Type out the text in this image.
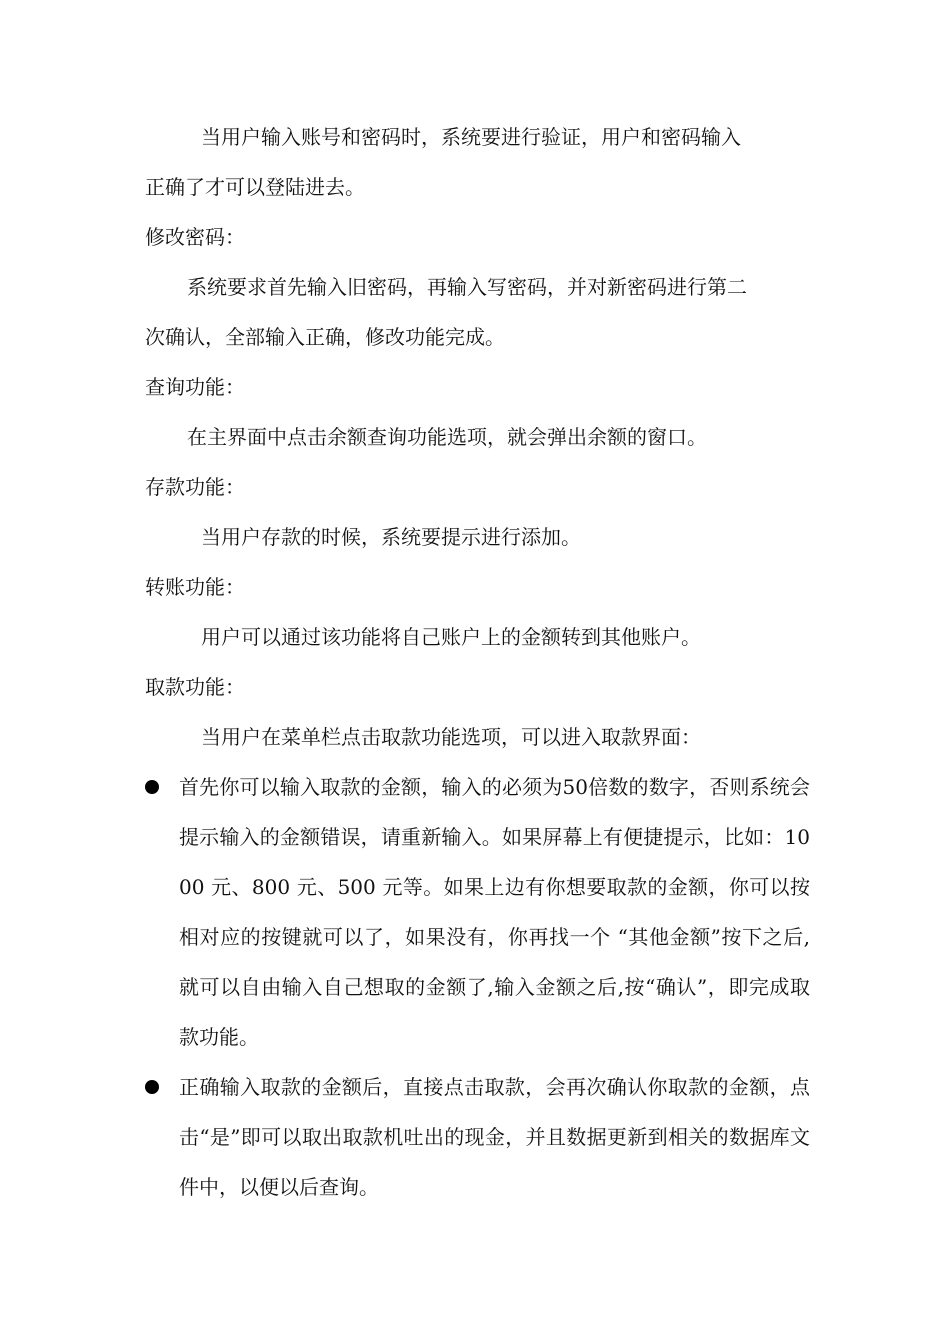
当用户输入账号和密码时，系统要进行验证，用户和密码输入
正确了才可以登陆进去。
修改密码：
系统要求首先输入旧密码，再输入写密码，并对新密码进行第二
次确认，全部输入正确，修改功能完成。
查询功能：
在主界面中点击余额查询功能选项，就会弹出余额的窗口。
存款功能：
当用户存款的时候，系统要提示进行添加。
转账功能：
用户可以通过该功能将自己账户上的金额转到其他账户。
取款功能：
当用户在菜单栏点击取款功能选项，可以进入取款界面：
首先你可以输入取款的金额，输入的必须为50倍数的数字，否则系统会提示输入的金额错误，请重新输入。如果屏幕上有便捷提示，比如：1000 元、800 元、500 元等。如果上边有你想要取款的金额，你可以按相对应的按键就可以了，如果没有，你再找一个 “其他金额”按下之后,就可以自由输入自己想取的金额了,输入金额之后,按“确认”，即完成取款功能。
正确输入取款的金额后，直接点击取款，会再次确认你取款的金额，点击“是”即可以取出取款机吐出的现金，并且数据更新到相关的数据库文件中，以便以后查询。
